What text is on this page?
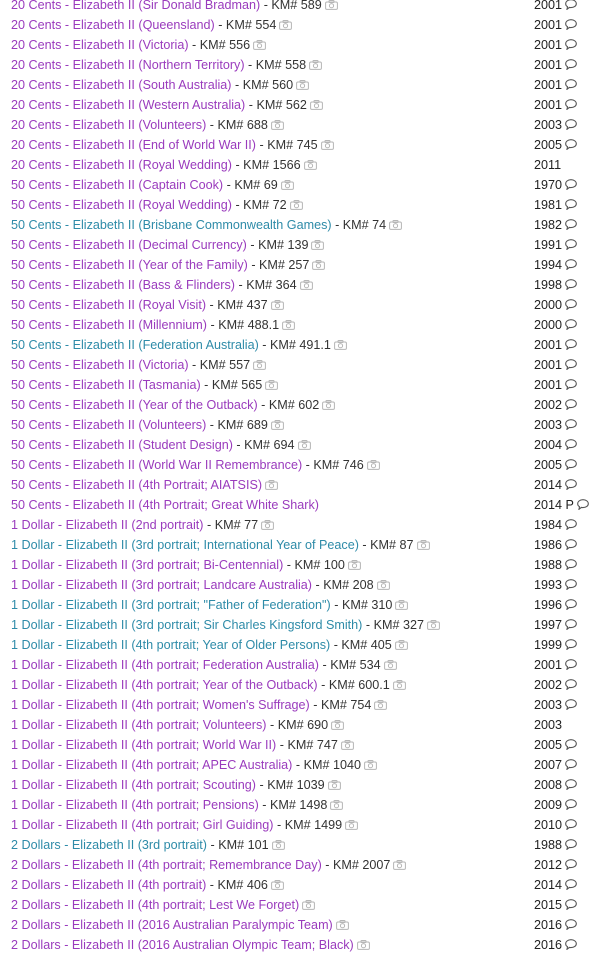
20 Cents - Elizabeth II (Sir Donald Bradman) - KM# 589	2001
20 Cents - Elizabeth II (Queensland) - KM# 554	2001
20 Cents - Elizabeth II (Victoria) - KM# 556	2001
20 Cents - Elizabeth II (Northern Territory) - KM# 558	2001
20 Cents - Elizabeth II (South Australia) - KM# 560	2001
20 Cents - Elizabeth II (Western Australia) - KM# 562	2001
20 Cents - Elizabeth II (Volunteers) - KM# 688	2003
20 Cents - Elizabeth II (End of World War II) - KM# 745	2005
20 Cents - Elizabeth II (Royal Wedding) - KM# 1566	2011
50 Cents - Elizabeth II (Captain Cook) - KM# 69	1970
50 Cents - Elizabeth II (Royal Wedding) - KM# 72	1981
50 Cents - Elizabeth II (Brisbane Commonwealth Games) - KM# 74	1982
50 Cents - Elizabeth II (Decimal Currency) - KM# 139	1991
50 Cents - Elizabeth II (Year of the Family) - KM# 257	1994
50 Cents - Elizabeth II (Bass & Flinders) - KM# 364	1998
50 Cents - Elizabeth II (Royal Visit) - KM# 437	2000
50 Cents - Elizabeth II (Millennium) - KM# 488.1	2000
50 Cents - Elizabeth II (Federation Australia) - KM# 491.1	2001
50 Cents - Elizabeth II (Victoria) - KM# 557	2001
50 Cents - Elizabeth II (Tasmania) - KM# 565	2001
50 Cents - Elizabeth II (Year of the Outback) - KM# 602	2002
50 Cents - Elizabeth II (Volunteers) - KM# 689	2003
50 Cents - Elizabeth II (Student Design) - KM# 694	2004
50 Cents - Elizabeth II (World War II Remembrance) - KM# 746	2005
50 Cents - Elizabeth II (4th Portrait; AIATSIS)	2014
50 Cents - Elizabeth II (4th Portrait; Great White Shark)	2014 P
1 Dollar - Elizabeth II (2nd portrait) - KM# 77	1984
1 Dollar - Elizabeth II (3rd portrait; International Year of Peace) - KM# 87	1986
1 Dollar - Elizabeth II (3rd portrait; Bi-Centennial) - KM# 100	1988
1 Dollar - Elizabeth II (3rd portrait; Landcare Australia) - KM# 208	1993
1 Dollar - Elizabeth II (3rd portrait; "Father of Federation") - KM# 310	1996
1 Dollar - Elizabeth II (3rd portrait; Sir Charles Kingsford Smith) - KM# 327	1997
1 Dollar - Elizabeth II (4th portrait; Year of Older Persons) - KM# 405	1999
1 Dollar - Elizabeth II (4th portrait; Federation Australia) - KM# 534	2001
1 Dollar - Elizabeth II (4th portrait; Year of the Outback) - KM# 600.1	2002
1 Dollar - Elizabeth II (4th portrait; Women's Suffrage) - KM# 754	2003
1 Dollar - Elizabeth II (4th portrait; Volunteers) - KM# 690	2003
1 Dollar - Elizabeth II (4th portrait; World War II) - KM# 747	2005
1 Dollar - Elizabeth II (4th portrait; APEC Australia) - KM# 1040	2007
1 Dollar - Elizabeth II (4th portrait; Scouting) - KM# 1039	2008
1 Dollar - Elizabeth II (4th portrait; Pensions) - KM# 1498	2009
1 Dollar - Elizabeth II (4th portrait; Girl Guiding) - KM# 1499	2010
2 Dollars - Elizabeth II (3rd portrait) - KM# 101	1988
2 Dollars - Elizabeth II (4th portrait; Remembrance Day) - KM# 2007	2012
2 Dollars - Elizabeth II (4th portrait) - KM# 406	2014
2 Dollars - Elizabeth II (4th portrait; Lest We Forget)	2015
2 Dollars - Elizabeth II (2016 Australian Paralympic Team)	2016
2 Dollars - Elizabeth II (2016 Australian Olympic Team; Black)	2016
